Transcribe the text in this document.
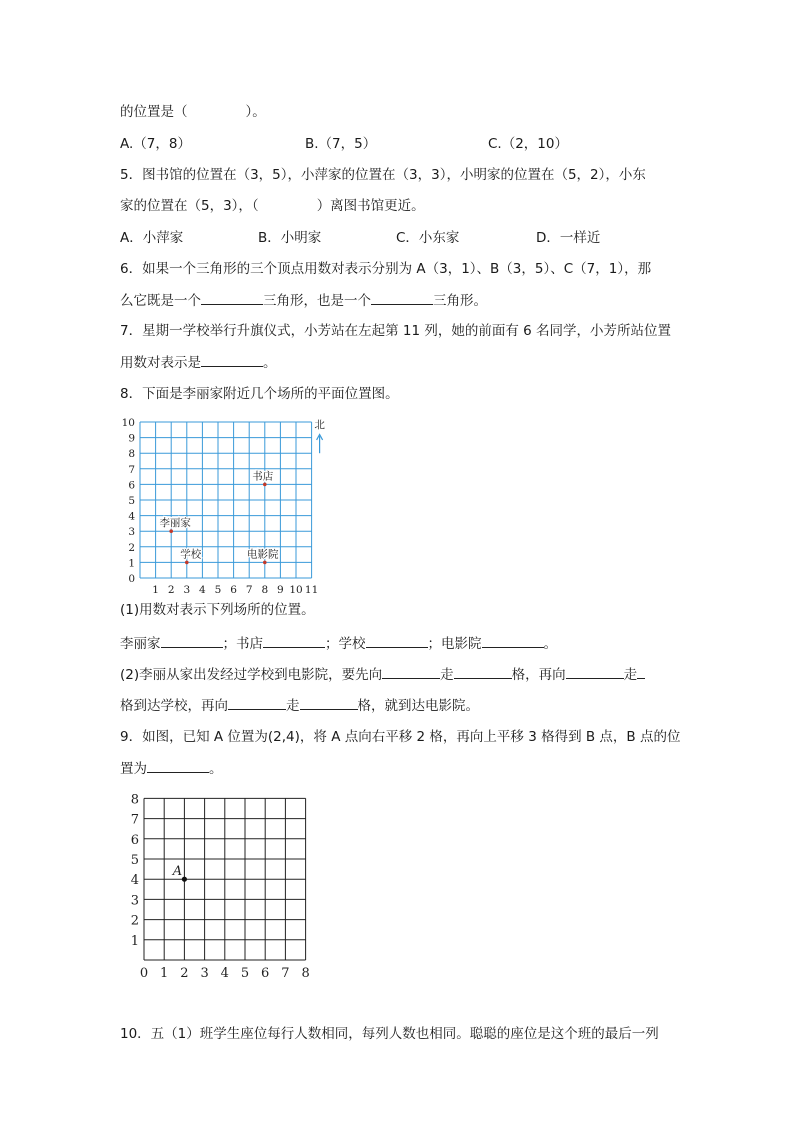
的位置是（	）。
A.（7，8）	B.（7，5）	C.（2，10）
5．图书馆的位置在（3，5），小萍家的位置在（3，3），小明家的位置在（5，2），小东
家的位置在（5，3），（	）离图书馆更近。
A．小萍家	B．小明家	C．小东家	D．一样近
6．如果一个三角形的三个顶点用数对表示分别为 A（3，1）、B（3，5）、C（7，1），那
么它既是一个	三角形，也是一个	三角形。
7．星期一学校举行升旗仪式，小芳站在左起第 11 列，她的前面有 6 名同学，小芳所站位置
用数对表示是	。
8．下面是李丽家附近几个场所的平面位置图。
0
1
2
3
4
5
6
7
8
9
10
1 2 3 4 5 6 7 8 9 10 11
北
李丽家
书店
学校	电影院
(1)用数对表示下列场所的位置。
李丽家	；书店	；学校	；电影院	。
(2)李丽从家出发经过学校到电影院，要先向	走	格，再向	走
格到达学校，再向	走	格，就到达电影院。
9．如图，已知 A 位置为(2,4)，将 A 点向右平移 2 格，再向上平移 3 格得到 B 点，B 点的位
置为	。
1
2
3
4
5
6
7
8
0 1 2 3 4 5 6 7 8
A
10．五（1）班学生座位每行人数相同，每列人数也相同。聪聪的座位是这个班的最后一列
